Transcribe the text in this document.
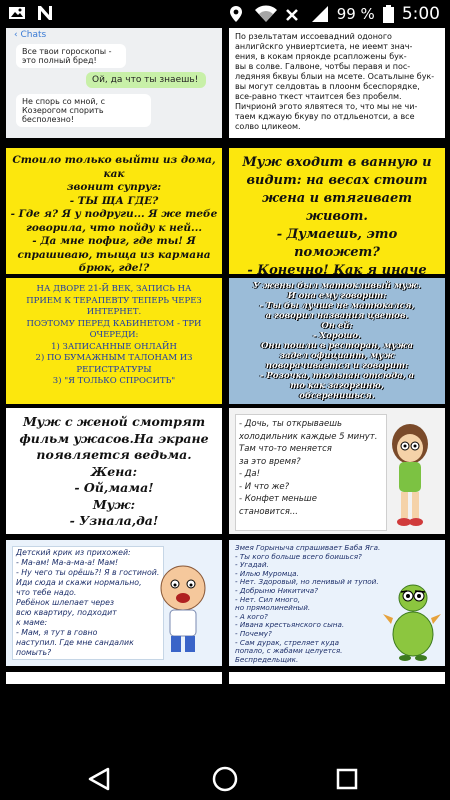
99 % 5:00
‹ Chats
Все твои гороскопы - это полный бред!
Ой, да что ты знаешь!
Не спорь со мной, с Козерогом спорить бесполезно!
По рзельтатам иссоевадний одоного
анлигйскго унвиертсиета, не иеемт знач-
ения, в кокам пряокде рсапложены бук-
вы в солве. Галвоне, чотбы перавя и пос-
ледяняя бквуы блыи на мсете. Осатьлыне бук-
вы могут селдовтаь в плоонм бсеспорядке,
все-равно ткест чтаитсея без пробелм.
Пичрионй эгото ялвятеся то, что мы не чи-
таем кджаую бкуву по отдльенотси, а все
солво цликеом.
Стоило только выйти из дома, как
звонит супруг:
- ТЫ ЩА ГДЕ?
- Где я? Я у подруги... Я же тебе
говорила, что пойду к ней...
- Да мне пофиг, где ты! Я
спрашиваю, тыща из кармана
брюк, где!?
Муж входит в ванную и
видит: на весах стоит
жена и втягивает живот.
- Думаешь, это поможет?
- Конечно! Как я иначе
НА ДВОРЕ 21-Й ВЕК, ЗАПИСЬ НА
ПРИЕМ К ТЕРАПЕВТУ ТЕПЕРЬ ЧЕРЕЗ
ИНТЕРНЕТ.
ПОЭТОМУ ПЕРЕД КАБИНЕТОМ - ТРИ
ОЧЕРЕДИ:
1) ЗАПИСАННЫЕ ОНЛАЙН
2) ПО БУМАЖНЫМ ТАЛОНАМ ИЗ
РЕГИСТРАТУРЫ
3) "Я ТОЛЬКО СПРОСИТЬ"
У жены был матюкливый муж.
И она ему говорит:
- Ты бы лучше не матюкался,
а говорил названия цветов.
Он ей:
- Хорошо.
Они пошли в ресторан, мужа
задел официант, муж
поворачивается и говорит:
- Розочка, тюльпан отсюда, а
то как загоргиню,
обсеренишься.
Муж с женой смотрят
фильм ужасов.На экране
появляется ведьма.
Жена:
- Ой,мама!
Муж:
- Узнала,да!
- Дочь, ты открываешь
холодильник каждые 5 минут.
Там что-то меняется
за это время?
- Да!
- И что же?
- Конфет меньше
становится...
Детский крик из прихожей:
- Ма-ам! Ма-а-ма-а! Мам!
- Ну чего ты орёшь?! Я в гостиной.
Иди сюда и скажи нормально,
что тебе надо.
Ребёнок шлепает через
всю квартиру, подходит
к маме:
- Мам, я тут в говно
наступил. Где мне сандалик
помыть?
Змея Горыныча спрашивает Баба Яга.
- Ты кого больше всего боишься?
- Угадай.
- Илью Муромца.
- Нет. Здоровый, но ленивый и тупой.
- Добрыню Никитича?
- Нет. Сил много,
но прямолинейный.
- А кого?
- Ивана крестьянского сына.
- Почему?
- Сам дурак, стреляет куда
попало, с жабами целуется.
Беспредельщик.
